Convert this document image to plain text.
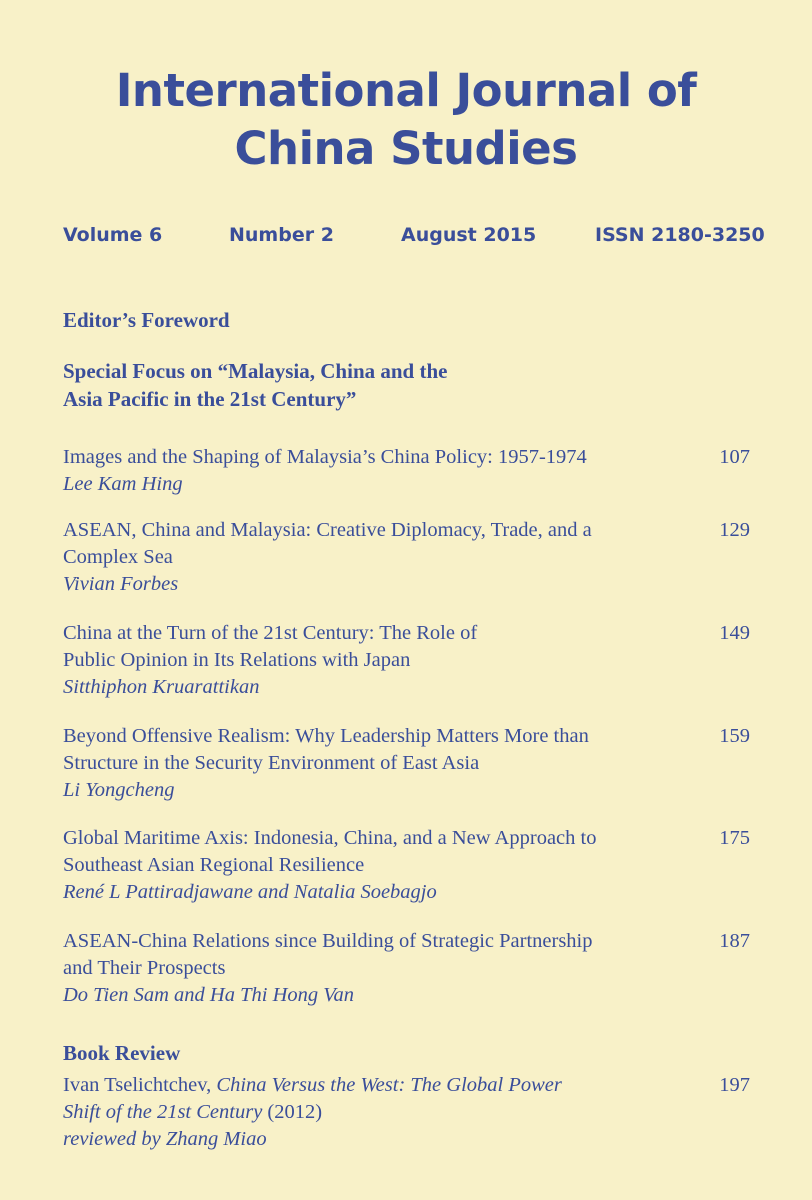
International Journal of
China Studies
Volume 6	Number 2	August 2015	ISSN 2180-3250
Editor’s Foreword
Special Focus on “Malaysia, China and the
Asia Pacific in the 21st Century”
Images and the Shaping of Malaysia’s China Policy: 1957-1974
Lee Kam Hing
107
ASEAN, China and Malaysia: Creative Diplomacy, Trade, and a
Complex Sea
Vivian Forbes
129
China at the Turn of the 21st Century: The Role of
Public Opinion in Its Relations with Japan
Sitthiphon Kruarattikan
149
Beyond Offensive Realism: Why Leadership Matters More than
Structure in the Security Environment of East Asia
Li Yongcheng
159
Global Maritime Axis: Indonesia, China, and a New Approach to
Southeast Asian Regional Resilience
René L Pattiradjawane and Natalia Soebagjo
175
ASEAN-China Relations since Building of Strategic Partnership
and Their Prospects
Do Tien Sam and Ha Thi Hong Van
187
Book Review
Ivan Tselichtchev, China Versus the West: The Global Power
Shift of the 21st Century (2012)
reviewed by Zhang Miao
197
